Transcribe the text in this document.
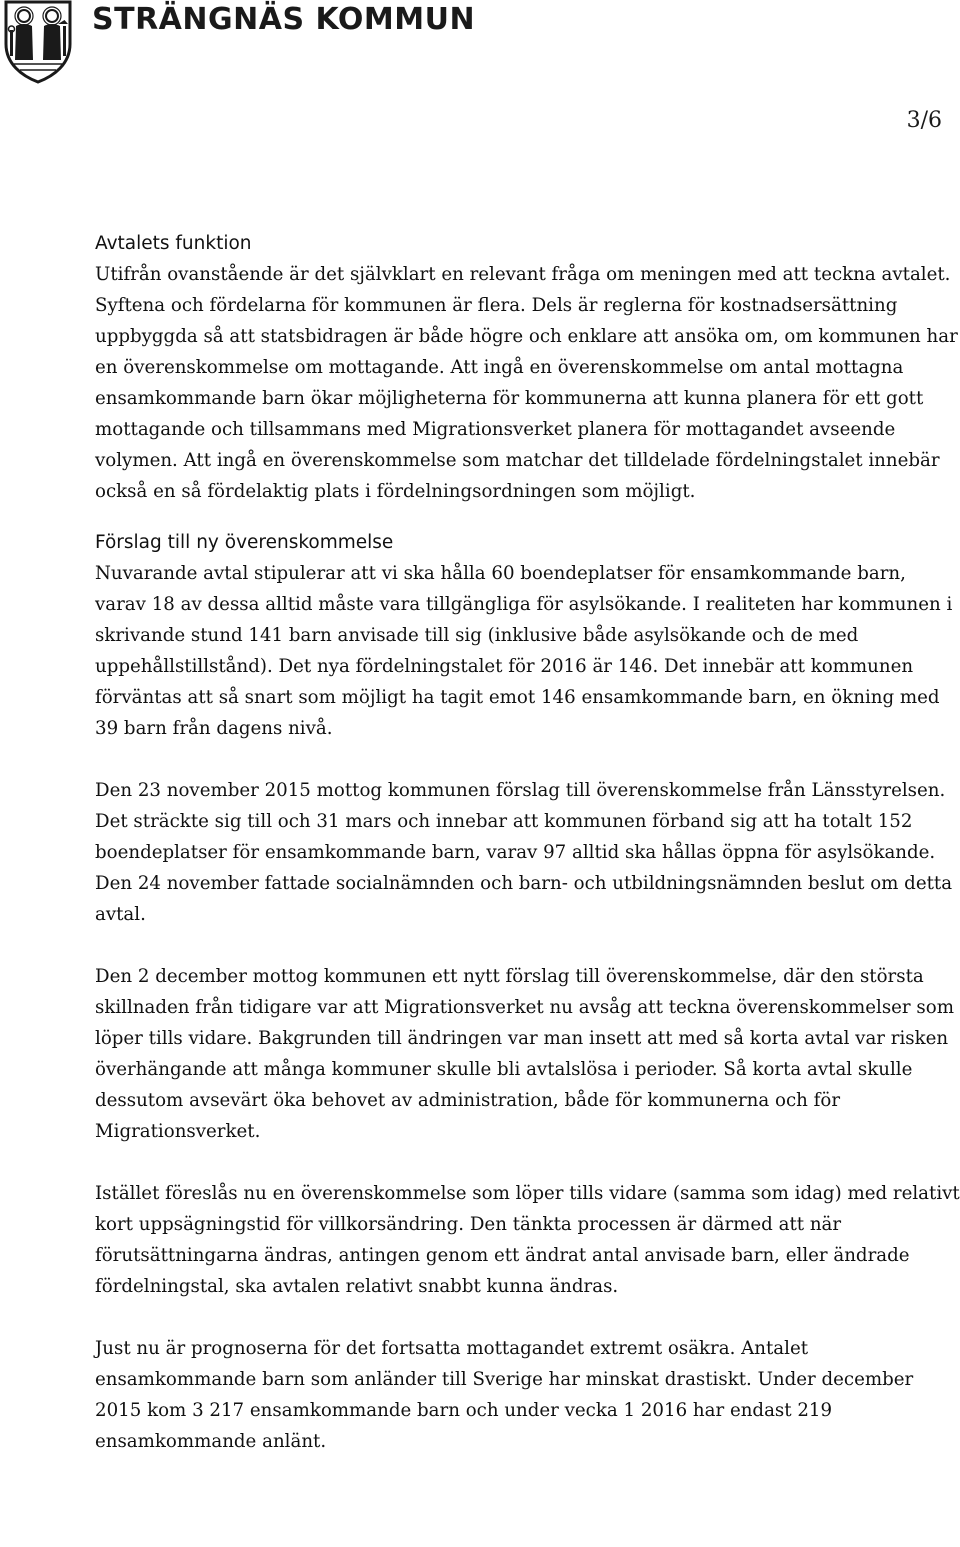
STRÄNGNÄS KOMMUN
3/6
Avtalets funktion

Utifrån ovanstående är det självklart en relevant fråga om meningen med att teckna avtalet. Syftena och fördelarna för kommunen är flera. Dels är reglerna för kostnadsersättning uppbyggda så att statsbidragen är både högre och enklare att ansöka om, om kommunen har en överenskommelse om mottagande. Att ingå en överenskommelse om antal mottagna ensamkommande barn ökar möjligheterna för kommunerna att kunna planera för ett gott mottagande och tillsammans med Migrationsverket planera för mottagandet avseende volymen. Att ingå en överenskommelse som matchar det tilldelade fördelningstalet innebär också en så fördelaktig plats i fördelningsordningen som möjligt.

Förslag till ny överenskommelse

Nuvarande avtal stipulerar att vi ska hålla 60 boendeplatser för ensamkommande barn, varav 18 av dessa alltid måste vara tillgängliga för asylsökande. I realiteten har kommunen i skrivande stund 141 barn anvisade till sig (inklusive både asylsökande och de med uppehållstillstånd). Det nya fördelningstalet för 2016 är 146. Det innebär att kommunen förväntas att så snart som möjligt ha tagit emot 146 ensamkommande barn, en ökning med 39 barn från dagens nivå.

Den 23 november 2015 mottog kommunen förslag till överenskommelse från Länsstyrelsen. Det sträckte sig till och 31 mars och innebar att kommunen förband sig att ha totalt 152 boendeplatser för ensamkommande barn, varav 97 alltid ska hållas öppna för asylsökande. Den 24 november fattade socialnämnden och barn- och utbildningsnämnden beslut om detta avtal.

Den 2 december mottog kommunen ett nytt förslag till överenskommelse, där den största skillnaden från tidigare var att Migrationsverket nu avsåg att teckna överenskommelser som löper tills vidare. Bakgrunden till ändringen var man insett att med så korta avtal var risken överhängande att många kommuner skulle bli avtalslösa i perioder. Så korta avtal skulle dessutom avsevärt öka behovet av administration, både för kommunerna och för Migrationsverket.

Istället föreslås nu en överenskommelse som löper tills vidare (samma som idag) med relativt kort uppsägningstid för villkorsändring. Den tänkta processen är därmed att när förutsättningarna ändras, antingen genom ett ändrat antal anvisade barn, eller ändrade fördelningstal, ska avtalen relativt snabbt kunna ändras.

Just nu är prognoserna för det fortsatta mottagandet extremt osäkra. Antalet ensamkommande barn som anländer till Sverige har minskat drastiskt. Under december 2015 kom 3 217 ensamkommande barn och under vecka 1 2016 har endast 219 ensamkommande anlänt.
